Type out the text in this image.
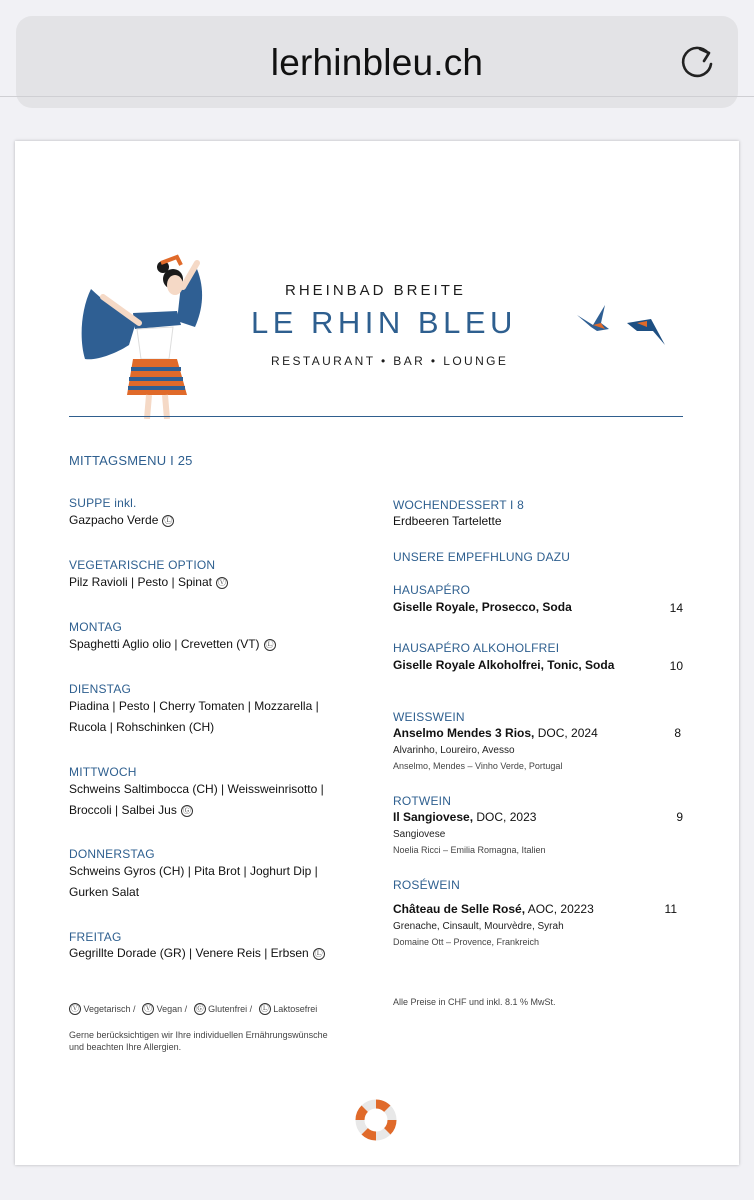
lerhinbleu.ch
RHEINBAD BREITE
LE RHIN BLEU
RESTAURANT • BAR • LOUNGE
MITTAGSMENU I 25
SUPPE inkl.
Gazpacho Verde Ⓛ
VEGETARISCHE OPTION
Pilz Ravioli | Pesto | Spinat Ⓥ
MONTAG
Spaghetti Aglio olio | Crevetten (VT) Ⓛ
DIENSTAG
Piadina | Pesto | Cherry Tomaten | Mozzarella |
Rucola | Rohschinken (CH)
MITTWOCH
Schweins Saltimbocca (CH) | Weissweinrisotto |
Broccoli | Salbei Jus Ⓖ
DONNERSTAG
Schweins Gyros (CH) | Pita Brot | Joghurt Dip |
Gurken Salat
FREITAG
Gegrillte Dorade (GR) | Venere Reis | Erbsen Ⓛ
Ⓥ Vegetarisch / Ⓥ Vegan / Ⓖ Glutenfrei / Ⓛ Laktosefrei
Gerne berücksichtigen wir Ihre individuellen Ernährungswünsche
und beachten Ihre Allergien.
WOCHENDESSERT I 8
Erdbeeren Tartelette
UNSERE EMPEFHLUNG DAZU
HAUSAPÉRO
Giselle Royale, Prosecco, Soda	14
HAUSAPÉRO ALKOHOLFREI
Giselle Royale Alkoholfrei, Tonic, Soda	10
WEISSWEIN
Anselmo Mendes 3 Rios, DOC, 2024
Alvarinho, Loureiro, Avesso
Anselmo, Mendes – Vinho Verde, Portugal
8
ROTWEIN
Il Sangiovese, DOC, 2023
Sangiovese
Noelia Ricci – Emilia Romagna, Italien
9
ROSÉWEIN
Château de Selle Rosé, AOC, 20223
Grenache, Cinsault, Mourvèdre, Syrah
Domaine Ott – Provence, Frankreich
11
Alle Preise in CHF und inkl. 8.1 % MwSt.
